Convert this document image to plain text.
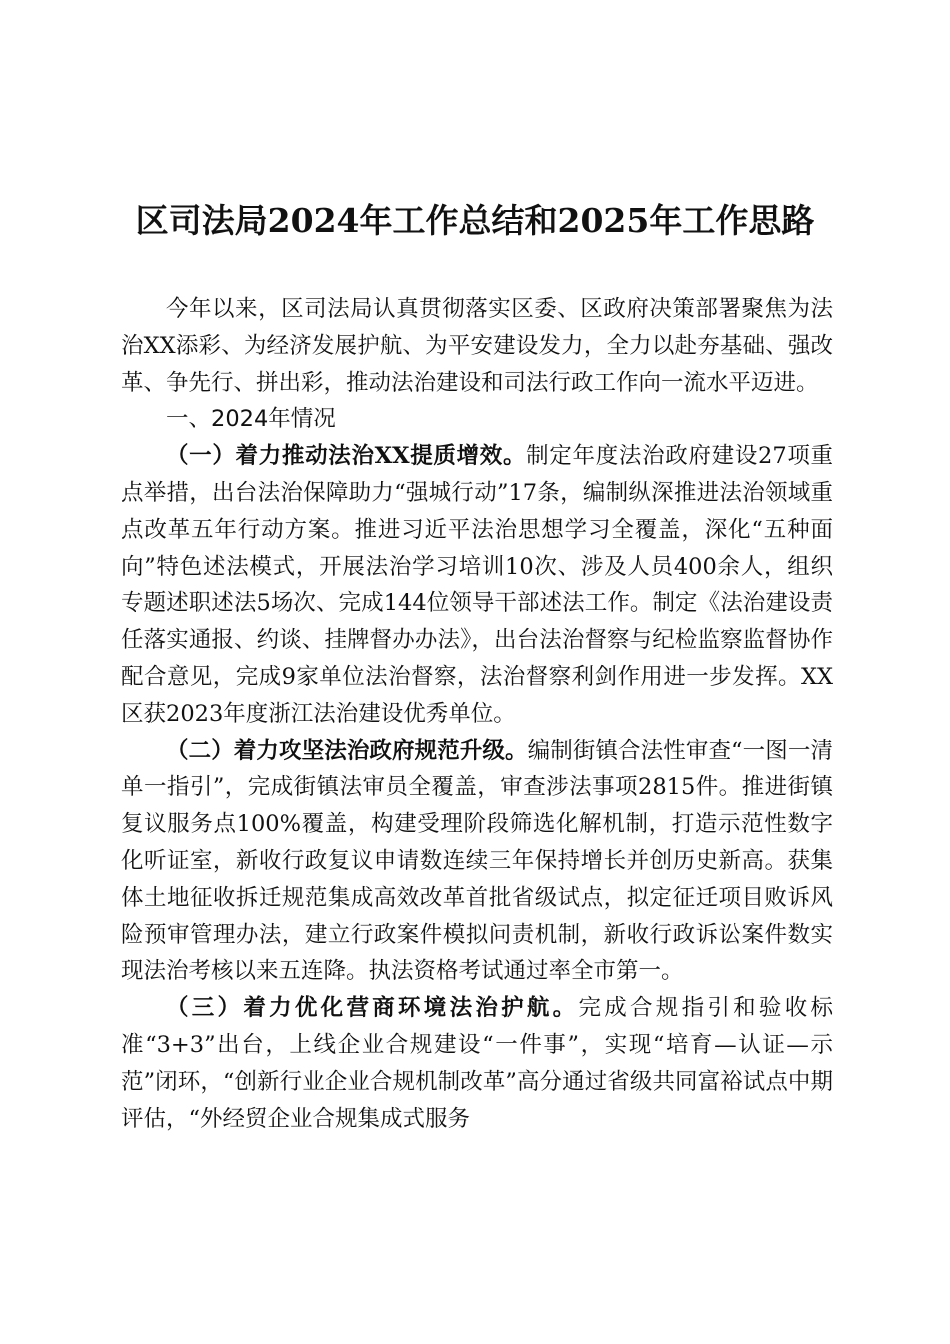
区司法局2024年工作总结和2025年工作思路

今年以来，区司法局认真贯彻落实区委、区政府决策部署聚焦为法治XX添彩、为经济发展护航、为平安建设发力，全力以赴夯基础、强改革、争先行、拼出彩，推动法治建设和司法行政工作向一流水平迈进。

一、2024年情况

（一）着力推动法治XX提质增效。制定年度法治政府建设27项重点举措，出台法治保障助力“强城行动”17条，编制纵深推进法治领域重点改革五年行动方案。推进习近平法治思想学习全覆盖，深化“五种面向”特色述法模式，开展法治学习培训10次、涉及人员400余人，组织专题述职述法5场次、完成144位领导干部述法工作。制定《法治建设责任落实通报、约谈、挂牌督办办法》，出台法治督察与纪检监察监督协作配合意见，完成9家单位法治督察，法治督察利剑作用进一步发挥。XX区获2023年度浙江法治建设优秀单位。

（二）着力攻坚法治政府规范升级。编制街镇合法性审查“一图一清单一指引”，完成街镇法审员全覆盖，审查涉法事项2815件。推进街镇复议服务点100%覆盖，构建受理阶段筛选化解机制，打造示范性数字化听证室，新收行政复议申请数连续三年保持增长并创历史新高。获集体土地征收拆迁规范集成高效改革首批省级试点，拟定征迁项目败诉风险预审管理办法，建立行政案件模拟问责机制，新收行政诉讼案件数实现法治考核以来五连降。执法资格考试通过率全市第一。

（三）着力优化营商环境法治护航。完成合规指引和验收标准“3+3”出台，上线企业合规建设“一件事”，实现“培育—认证—示范”闭环，“创新行业企业合规机制改革”高分通过省级共同富裕试点中期评估，“外经贸企业合规集成式服务
